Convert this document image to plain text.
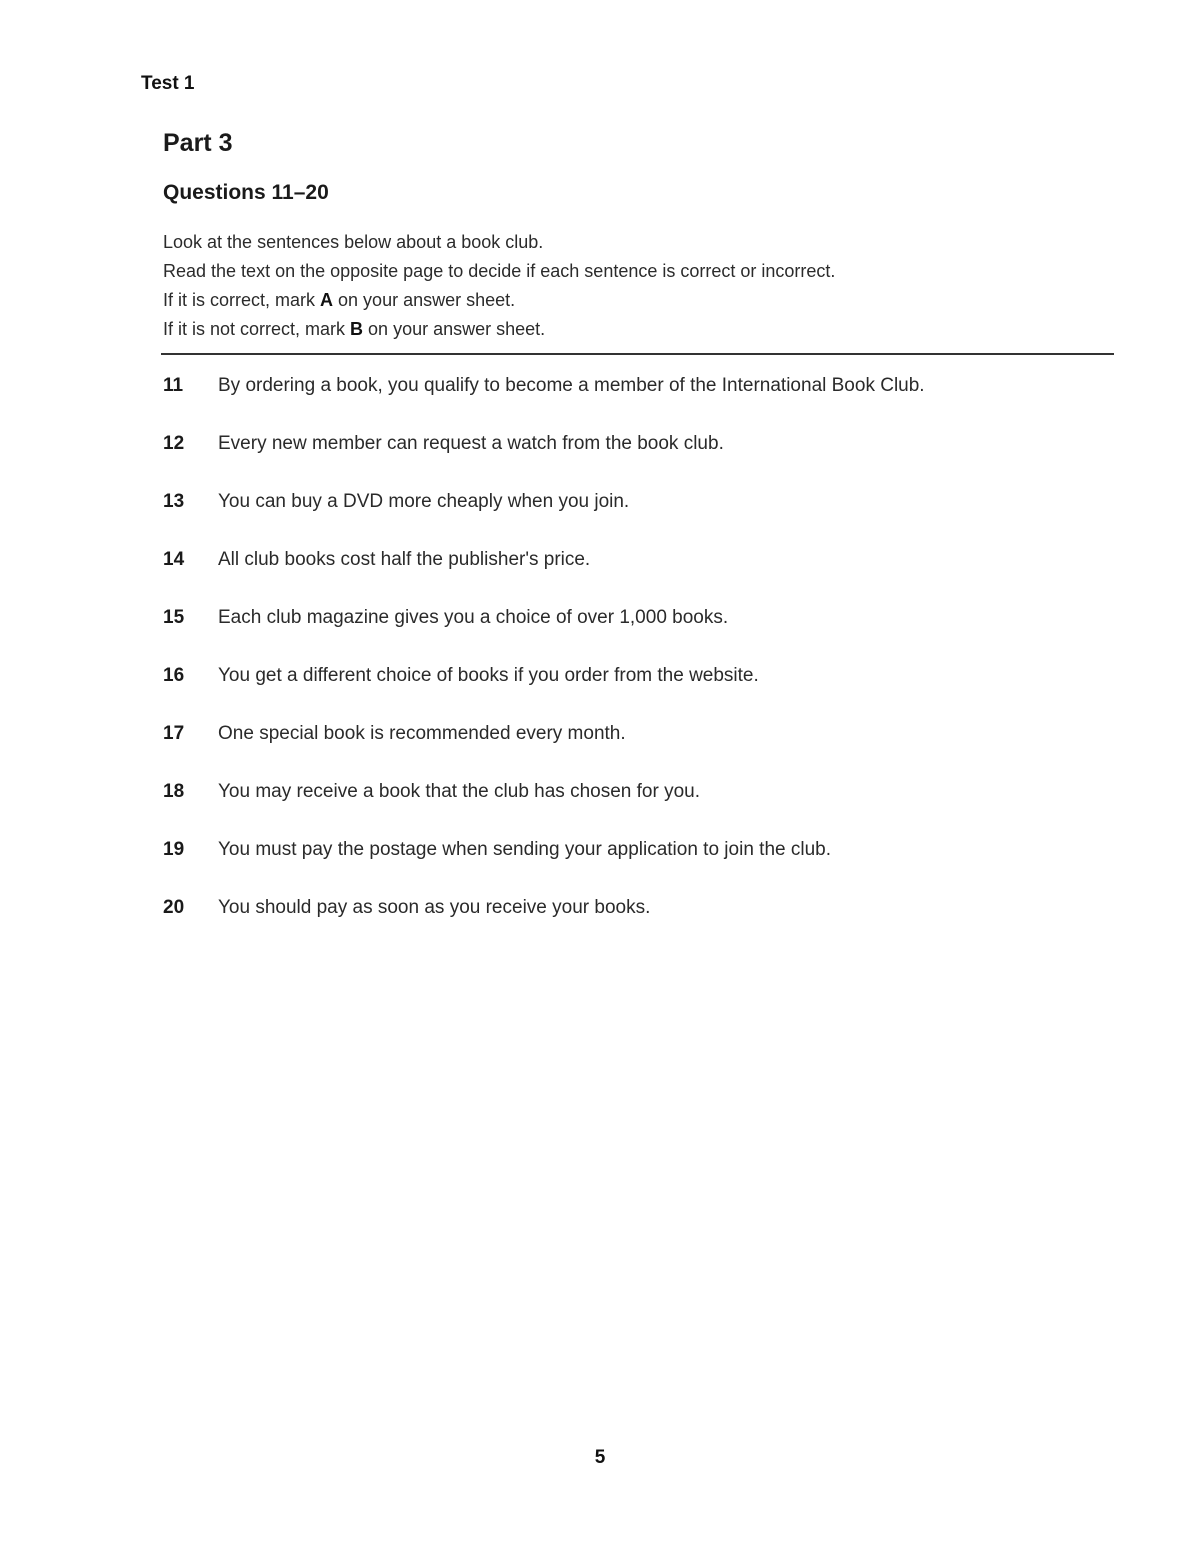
Test 1
Part 3
Questions 11–20
Look at the sentences below about a book club.
Read the text on the opposite page to decide if each sentence is correct or incorrect.
If it is correct, mark A on your answer sheet.
If it is not correct, mark B on your answer sheet.
11	By ordering a book, you qualify to become a member of the International Book Club.
12	Every new member can request a watch from the book club.
13	You can buy a DVD more cheaply when you join.
14	All club books cost half the publisher's price.
15	Each club magazine gives you a choice of over 1,000 books.
16	You get a different choice of books if you order from the website.
17	One special book is recommended every month.
18	You may receive a book that the club has chosen for you.
19	You must pay the postage when sending your application to join the club.
20	You should pay as soon as you receive your books.
5
